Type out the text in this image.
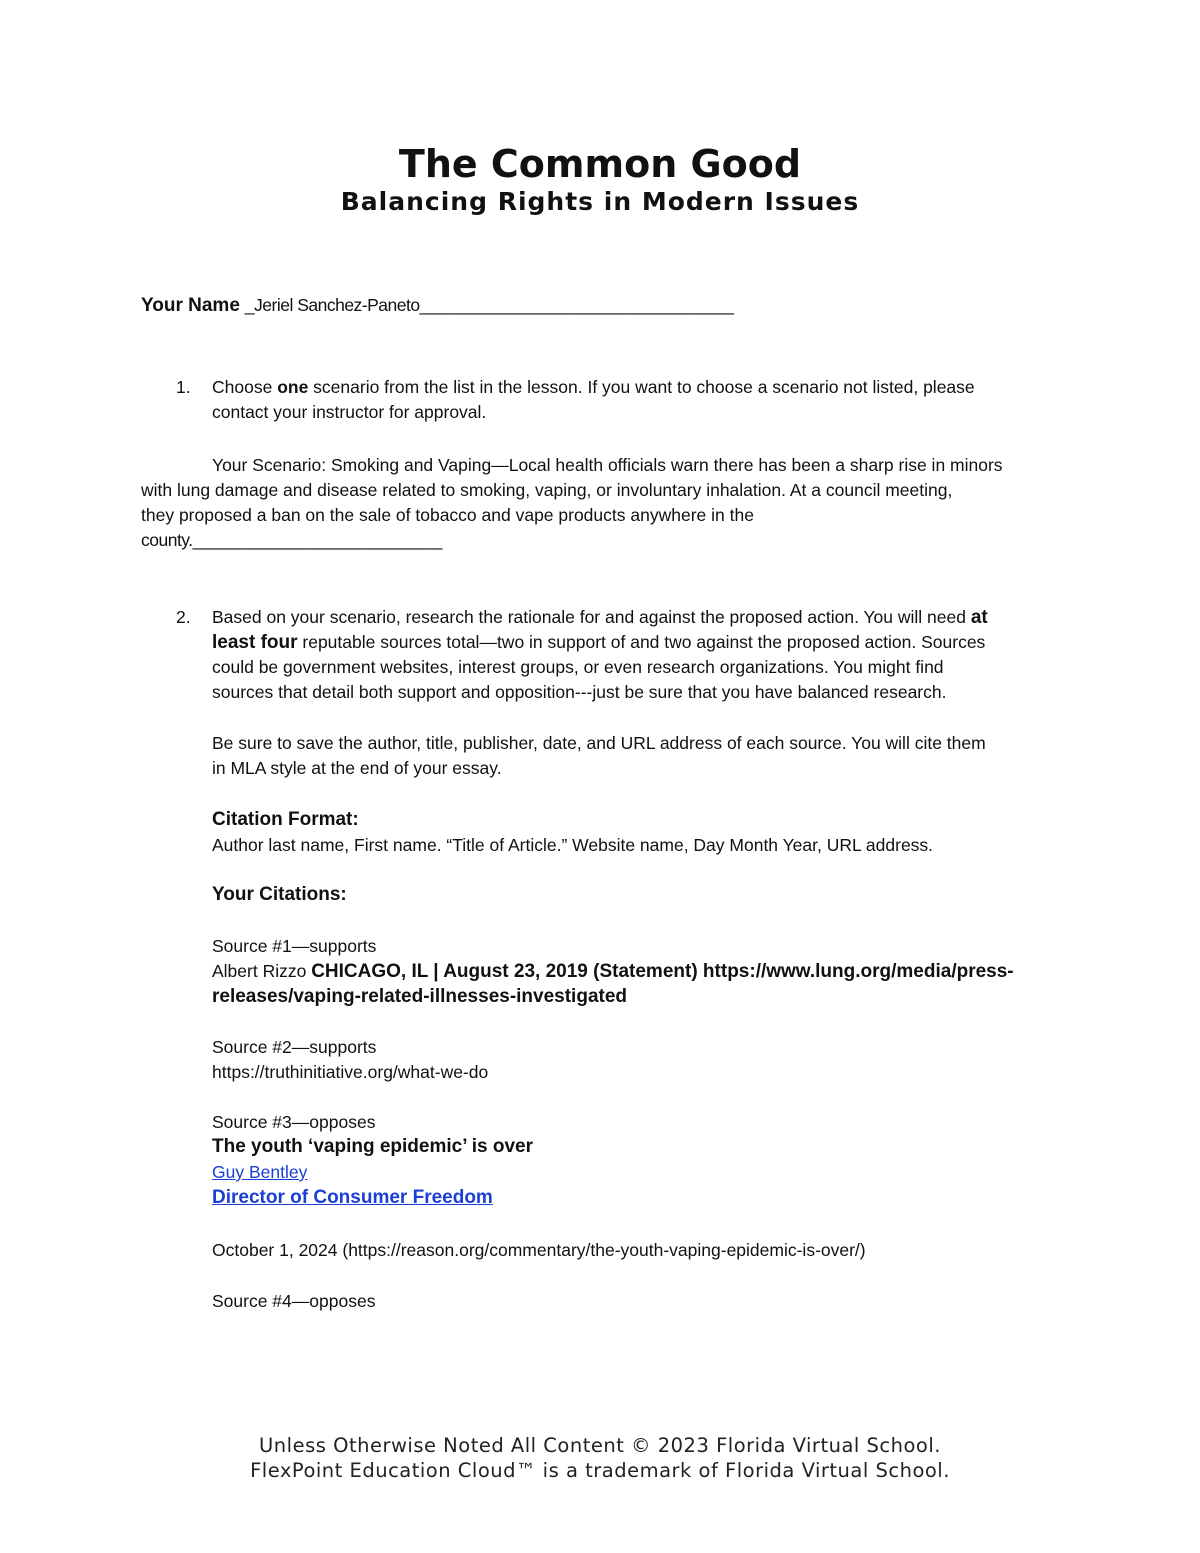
The Common Good
Balancing Rights in Modern Issues
Your Name _Jeriel Sanchez-Paneto__________________________________
1. Choose one scenario from the list in the lesson. If you want to choose a scenario not listed, please
contact your instructor for approval.
Your Scenario: Smoking and Vaping—Local health officials warn there has been a sharp rise in minors
with lung damage and disease related to smoking, vaping, or involuntary inhalation. At a council meeting,
they proposed a ban on the sale of tobacco and vape products anywhere in the
county.___________________________
2. Based on your scenario, research the rationale for and against the proposed action. You will need at
least four reputable sources total—two in support of and two against the proposed action. Sources
could be government websites, interest groups, or even research organizations. You might find
sources that detail both support and opposition---just be sure that you have balanced research.
Be sure to save the author, title, publisher, date, and URL address of each source. You will cite them
in MLA style at the end of your essay.
Citation Format:
Author last name, First name. “Title of Article.” Website name, Day Month Year, URL address.
Your Citations:
Source #1—supports
Albert Rizzo CHICAGO, IL | August 23, 2019 (Statement) https://www.lung.org/media/press-
releases/vaping-related-illnesses-investigated
Source #2—supports
https://truthinitiative.org/what-we-do
Source #3—opposes
The youth ‘vaping epidemic’ is over
Guy Bentley
Director of Consumer Freedom
October 1, 2024 (https://reason.org/commentary/the-youth-vaping-epidemic-is-over/)
Source #4—opposes
Unless Otherwise Noted All Content © 2023 Florida Virtual School.
FlexPoint Education Cloud™ is a trademark of Florida Virtual School.
